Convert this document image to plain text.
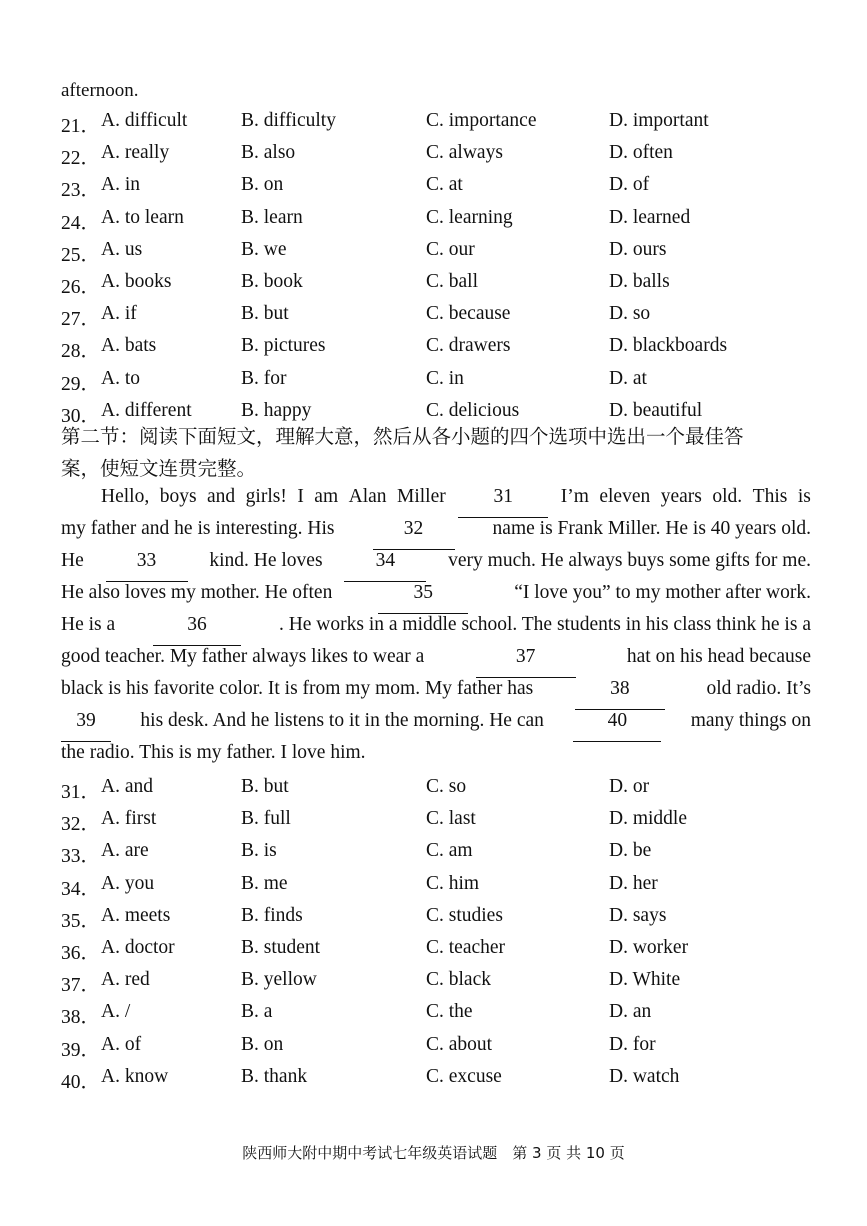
afternoon.
21． A. difficult	B. difficulty	C. importance	D. important
22． A. really	B. also	C. always	D. often
23． A. in	B. on	C. at	D. of
24． A. to learn	B. learn	C. learning	D. learned
25． A. us	B. we	C. our	D. ours
26． A. books	B. book	C. ball	D. balls
27． A. if	B. but	C. because	D. so
28． A. bats	B. pictures	C. drawers	D. blackboards
29． A. to	B. for	C. in	D. at
30． A. different	B. happy	C. delicious	D. beautiful
第二节：阅读下面短文，理解大意，然后从各小题的四个选项中选出一个最佳答
案，使短文连贯完整。
Hello, boys and girls! I am Alan Miller	31	I’m eleven years old. This is
my father and he is interesting. His	32	name is Frank Miller. He is 40 years old.
He	33	kind. He loves	34	very much. He always buys some gifts for me.
He also loves my mother. He often	35	“I love you” to my mother after work.
He is a	36	. He works in a middle school. The students in his class think he is a
good teacher. My father always likes to wear a	37	hat on his head because
black is his favorite color. It is from my mom. My father has	38	old radio. It’s
39	his desk. And he listens to it in the morning. He can	40	many things on
the radio. This is my father. I love him.
31． A. and	B. but	C. so	D. or
32． A. first	B. full	C. last	D. middle
33． A. are	B. is	C. am	D. be
34． A. you	B. me	C. him	D. her
35． A. meets	B. finds	C. studies	D. says
36． A. doctor	B. student	C. teacher	D. worker
37． A. red	B. yellow	C. black	D. White
38． A. /	B. a	C. the	D. an
39． A. of	B. on	C. about	D. for
40． A. know	B. thank	C. excuse	D. watch
陕西师大附中期中考试七年级英语试题　第 3 页 共 10 页
